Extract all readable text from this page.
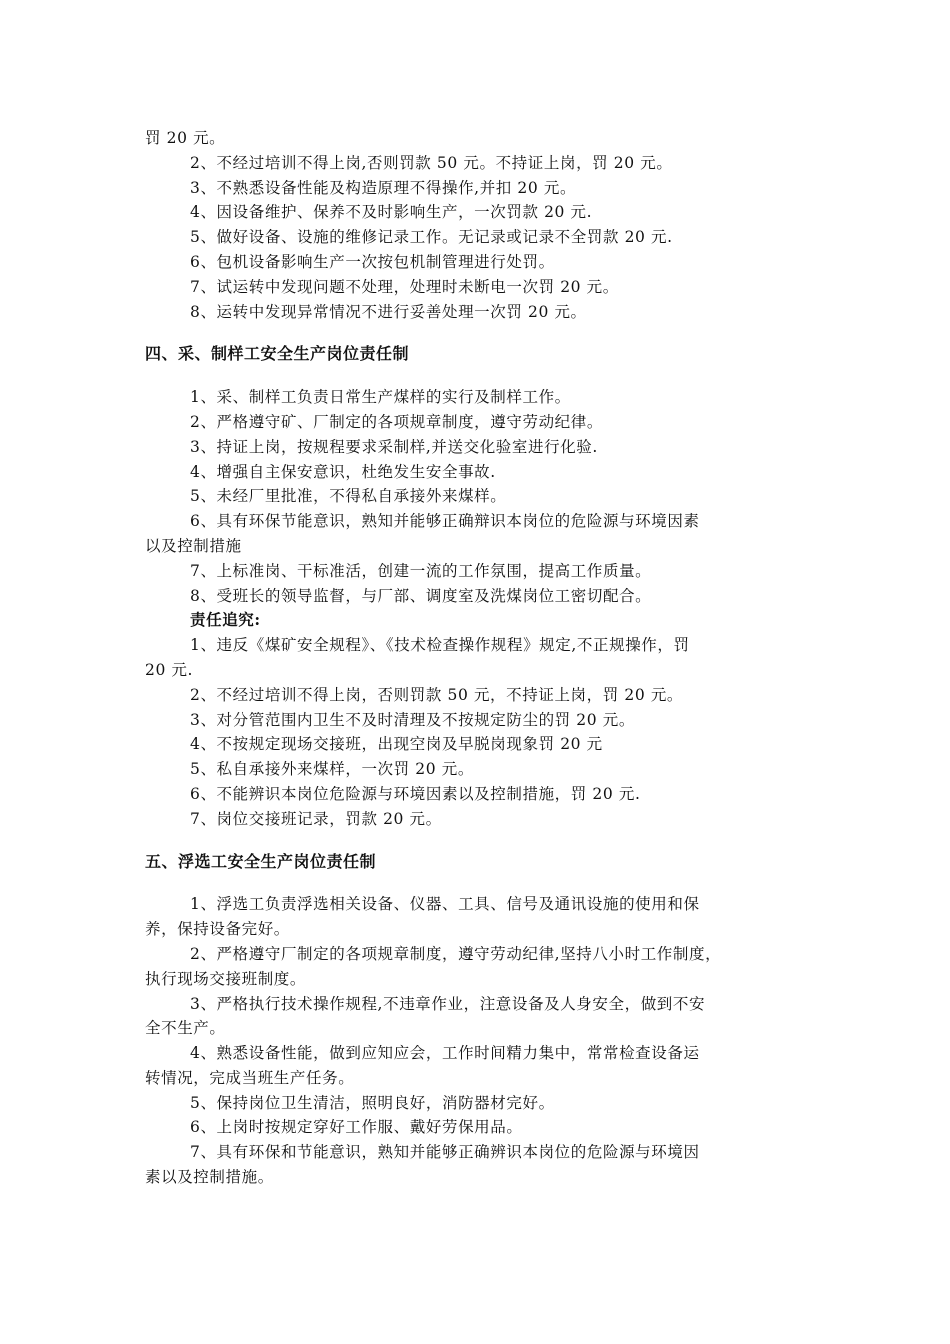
罚 20 元。
2、不经过培训不得上岗,否则罚款 50 元。不持证上岗，罚 20 元。
3、不熟悉设备性能及构造原理不得操作,并扣 20 元。
4、因设备维护、保养不及时影响生产，一次罚款 20 元.
5、做好设备、设施的维修记录工作。无记录或记录不全罚款 20 元.
6、包机设备影响生产一次按包机制管理进行处罚。
7、试运转中发现问题不处理，处理时未断电一次罚 20 元。
8、运转中发现异常情况不进行妥善处理一次罚 20 元。
四、采、制样工安全生产岗位责任制
1、采、制样工负责日常生产煤样的实行及制样工作。
2、严格遵守矿、厂制定的各项规章制度，遵守劳动纪律。
3、持证上岗，按规程要求采制样,并送交化验室进行化验.
4、增强自主保安意识，杜绝发生安全事故.
5、未经厂里批准，不得私自承接外来煤样。
6、具有环保节能意识，熟知并能够正确辩识本岗位的危险源与环境因素
以及控制措施
7、上标准岗、干标准活，创建一流的工作氛围，提高工作质量。
8、受班长的领导监督，与厂部、调度室及洗煤岗位工密切配合。
责任追究:
1、违反《煤矿安全规程》、《技术检查操作规程》规定,不正规操作，罚
20 元.
2、不经过培训不得上岗，否则罚款 50 元，不持证上岗，罚 20 元。
3、对分管范围内卫生不及时清理及不按规定防尘的罚 20 元。
4、不按规定现场交接班，出现空岗及早脱岗现象罚 20 元
5、私自承接外来煤样，一次罚 20 元。
6、不能辨识本岗位危险源与环境因素以及控制措施，罚 20 元.
7、岗位交接班记录，罚款 20 元。
五、浮选工安全生产岗位责任制
1、浮选工负责浮选相关设备、仪器、工具、信号及通讯设施的使用和保
养，保持设备完好。
2、严格遵守厂制定的各项规章制度，遵守劳动纪律,坚持八小时工作制度，
执行现场交接班制度。
3、严格执行技术操作规程,不违章作业，注意设备及人身安全，做到不安
全不生产。
4、熟悉设备性能，做到应知应会，工作时间精力集中，常常检查设备运
转情况，完成当班生产任务。
5、保持岗位卫生清洁，照明良好，消防器材完好。
6、上岗时按规定穿好工作服、戴好劳保用品。
7、具有环保和节能意识，熟知并能够正确辨识本岗位的危险源与环境因
素以及控制措施。
